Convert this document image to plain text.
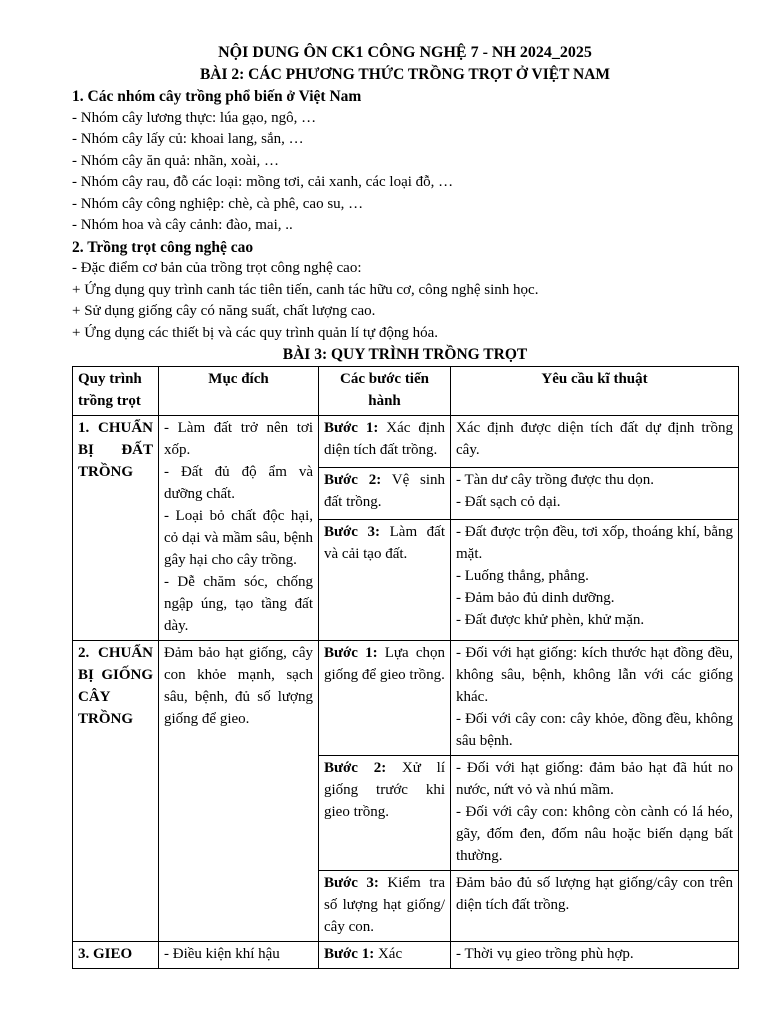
NỘI DUNG ÔN CK1 CÔNG NGHỆ 7 - NH 2024_2025
BÀI 2: CÁC PHƯƠNG THỨC TRỒNG TRỌT Ở VIỆT NAM
1. Các nhóm cây trồng phổ biến ở Việt Nam
- Nhóm cây lương thực: lúa gạo, ngô, …
- Nhóm cây lấy củ: khoai lang, sắn, …
- Nhóm cây ăn quả: nhãn, xoài, …
- Nhóm cây rau, đỗ các loại: mồng tơi, cải xanh, các loại đỗ, …
- Nhóm cây công nghiệp: chè, cà phê, cao su, …
- Nhóm hoa và cây cảnh: đào, mai, ..
2. Trồng trọt công nghệ cao
- Đặc điểm cơ bản của trồng trọt công nghệ cao:
+ Ứng dụng quy trình canh tác tiên tiến, canh tác hữu cơ, công nghệ sinh học.
+ Sử dụng giống cây có năng suất, chất lượng cao.
+ Ứng dụng các thiết bị và các quy trình quản lí tự động hóa.
BÀI 3: QUY TRÌNH TRỒNG TRỌT
Quy trình trồng trọt	Mục đích	Các bước tiến hành	Yêu cầu kĩ thuật
1. CHUẨN BỊ ĐẤT TRỒNG	- Làm đất trở nên tơi xốp.

- Đất đủ độ ẩm và dưỡng chất.

- Loại bỏ chất độc hại, cỏ dại và mầm sâu, bệnh gây hại cho cây trồng.

- Dễ chăm sóc, chống ngập úng, tạo tầng đất dày.	Bước 1: Xác định diện tích đất trồng.	Xác định được diện tích đất dự định trồng cây.

		Bước 2: Vệ sinh đất trồng.	- Tàn dư cây trồng được thu dọn.

- Đất sạch cỏ dại.

		Bước 3: Làm đất và cải tạo đất.	- Đất được trộn đều, tơi xốp, thoáng khí, bằng mặt.

- Luống thẳng, phẳng.

- Đảm bảo đủ dinh dưỡng.

- Đất được khử phèn, khử mặn.

2. CHUẨN BỊ GIỐNG CÂY TRỒNG	Đảm bảo hạt giống, cây con khỏe mạnh, sạch sâu, bệnh, đủ số lượng giống để gieo.	Bước 1: Lựa chọn giống để gieo trồng.	- Đối với hạt giống: kích thước hạt đồng đều, không sâu, bệnh, không lẫn với các giống khác.

- Đối với cây con: cây khỏe, đồng đều, không sâu bệnh.

		Bước 2: Xử lí giống trước khi gieo trồng.	- Đối với hạt giống: đảm bảo hạt đã hút no nước, nứt vỏ và nhú mầm.

- Đối với cây con: không còn cành có lá héo, gãy, đốm đen, đốm nâu hoặc biến dạng bất thường.

		Bước 3: Kiểm tra số lượng hạt giống/ cây con.	Đảm bảo đủ số lượng hạt giống/cây con trên diện tích đất trồng.

3. GIEO	- Điều kiện khí hậu	Bước 1: Xác	- Thời vụ gieo trồng phù hợp.
